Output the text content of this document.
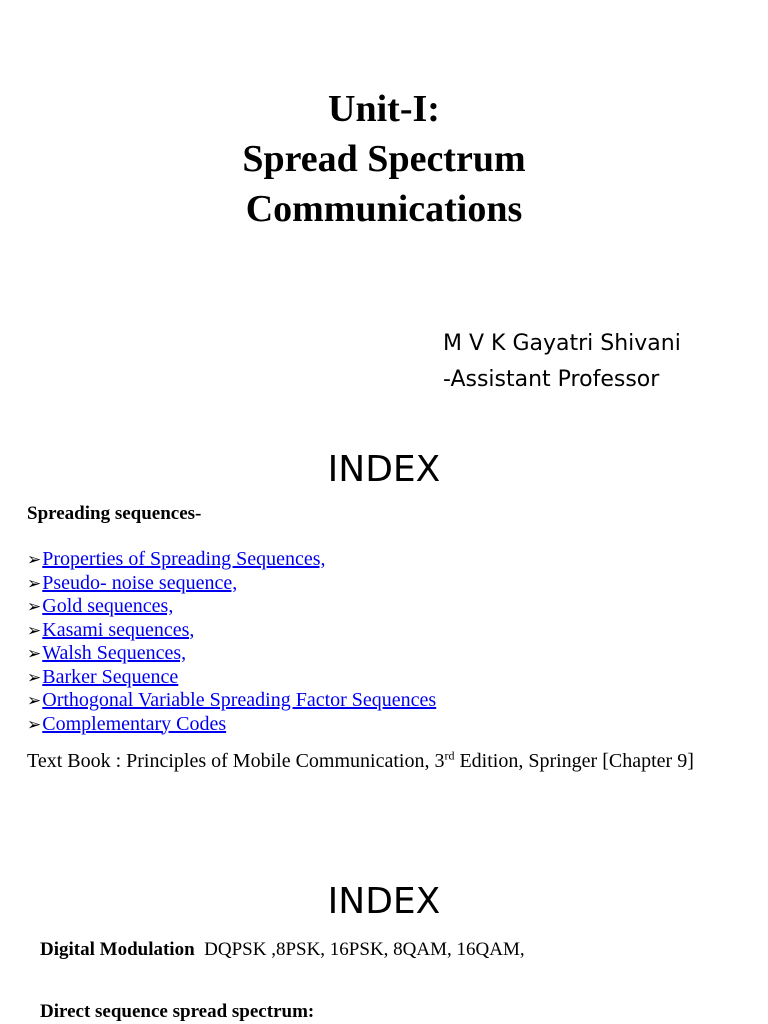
Unit-I:
Spread Spectrum
Communications
M V K Gayatri Shivani
-Assistant Professor
INDEX
Spreading sequences-
➢Properties of Spreading Sequences,
➢Pseudo- noise sequence,
➢Gold sequences,
➢Kasami sequences,
➢Walsh Sequences,
➢Barker Sequence
➢Orthogonal Variable Spreading Factor Sequences
➢Complementary Codes
Text Book : Principles of Mobile Communication, 3rd Edition, Springer [Chapter 9]
INDEX
Digital Modulation DQPSK ,8PSK, 16PSK, 8QAM, 16QAM,
Direct sequence spread spectrum:
